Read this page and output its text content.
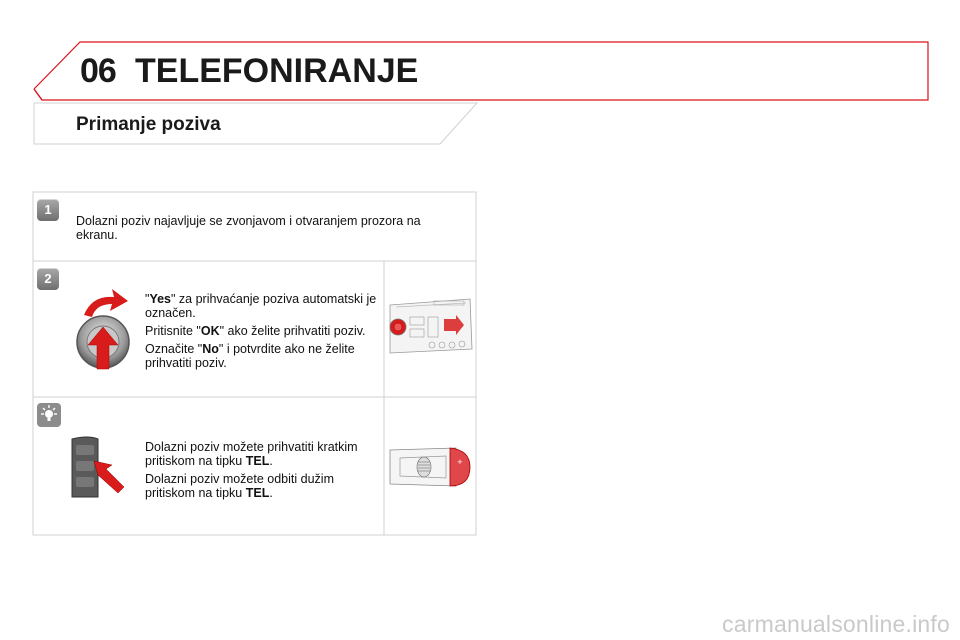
06 TELEFONIRANJE
Primanje poziva
1
Dolazni poziv najavljuje se zvonjavom i otvaranjem prozora na ekranu.
2

"Yes" za prihvaćanje poziva automatski je označen.

Pritisnite "OK" ako želite prihvatiti poziv.

Označite "No" i potvrdite ako ne želite prihvatiti poziv.

Dolazni poziv možete prihvatiti kratkim pritiskom na tipku TEL.

Dolazni poziv možete odbiti dužim pritiskom na tipku TEL.

+
carmanualsonline.info
